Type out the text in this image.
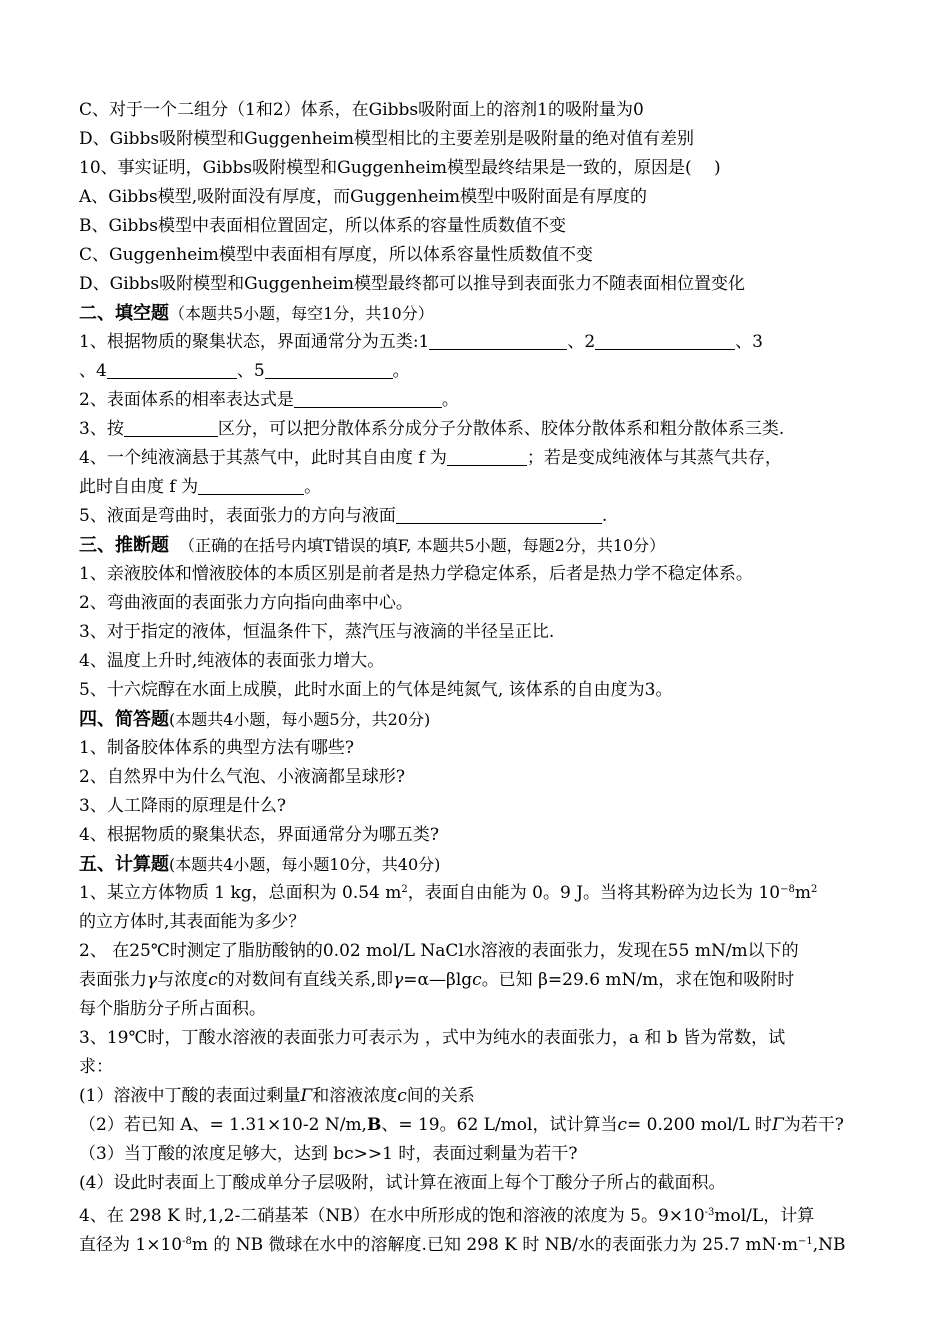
C、对于一个二组分（1和2）体系，在Gibbs吸附面上的溶剂1的吸附量为0
D、Gibbs吸附模型和Guggenheim模型相比的主要差别是吸附量的绝对值有差别
10、事实证明，Gibbs吸附模型和Guggenheim模型最终结果是一致的，原因是(　 )
A、Gibbs模型,吸附面没有厚度，而Guggenheim模型中吸附面是有厚度的
B、Gibbs模型中表面相位置固定，所以体系的容量性质数值不变
C、Guggenheim模型中表面相有厚度，所以体系容量性质数值不变
D、Gibbs吸附模型和Guggenheim模型最终都可以推导到表面张力不随表面相位置变化
二、填空题（本题共5小题，每空1分，共10分）
1、根据物质的聚集状态，界面通常分为五类:1	、2	、3
、4	、5	。
2、表面体系的相率表达式是	。
3、按	区分，可以把分散体系分成分子分散体系、胶体分散体系和粗分散体系三类.
4、一个纯液滴悬于其蒸气中，此时其自由度 f 为	；若是变成纯液体与其蒸气共存，
此时自由度 f 为	。
5、液面是弯曲时，表面张力的方向与液面	.
三、推断题 （正确的在括号内填T错误的填F, 本题共5小题，每题2分，共10分）
1、亲液胶体和憎液胶体的本质区别是前者是热力学稳定体系，后者是热力学不稳定体系。
2、弯曲液面的表面张力方向指向曲率中心。
3、对于指定的液体，恒温条件下，蒸汽压与液滴的半径呈正比.
4、温度上升时,纯液体的表面张力增大。
5、十六烷醇在水面上成膜，此时水面上的气体是纯氮气, 该体系的自由度为3。
四、简答题(本题共4小题，每小题5分，共20分)
1、制备胶体体系的典型方法有哪些?
2、自然界中为什么气泡、小液滴都呈球形?
3、人工降雨的原理是什么?
4、根据物质的聚集状态，界面通常分为哪五类?
五、计算题(本题共4小题，每小题10分，共40分)
1、某立方体物质 1 kg，总面积为 0.54 $m^2$，表面自由能为 0。9 J。当将其粉碎为边长为 $10^{-8}m^2$
的立方体时,其表面能为多少？
2、 在25℃时测定了脂肪酸钠的0.02 mol/L NaCl水溶液的表面张力，发现在55 mN/m以下的
表面张力γ与浓度c的对数间有直线关系,即γ=α—βlgc。已知 β=29.6 mN/m，求在饱和吸附时
每个脂肪分子所占面积。
3、19℃时，丁酸水溶液的表面张力可表示为 ，式中为纯水的表面张力，a 和 b 皆为常数，试
求：
(1）溶液中丁酸的表面过剩量Γ和溶液浓度c间的关系
（2）若已知 A、= 1.31×10-2 N/m,B、= 19。62 L/mol，试计算当c= 0.200 mol/L 时Γ为若干?
（3）当丁酸的浓度足够大，达到 bc>>1 时，表面过剩量为若干?
(4）设此时表面上丁酸成单分子层吸附，试计算在液面上每个丁酸分子所占的截面积。
4、在 298 K 时,1,2-二硝基苯（NB）在水中所形成的饱和溶液的浓度为 5。$9\times 10^{-3}mol/L$，计算
直径为 $1\times 10^{-8}m$ 的 NB 微球在水中的溶解度.已知 298 K 时 NB/水的表面张力为 25.7 $mN\cdot m^{-1},NB$
